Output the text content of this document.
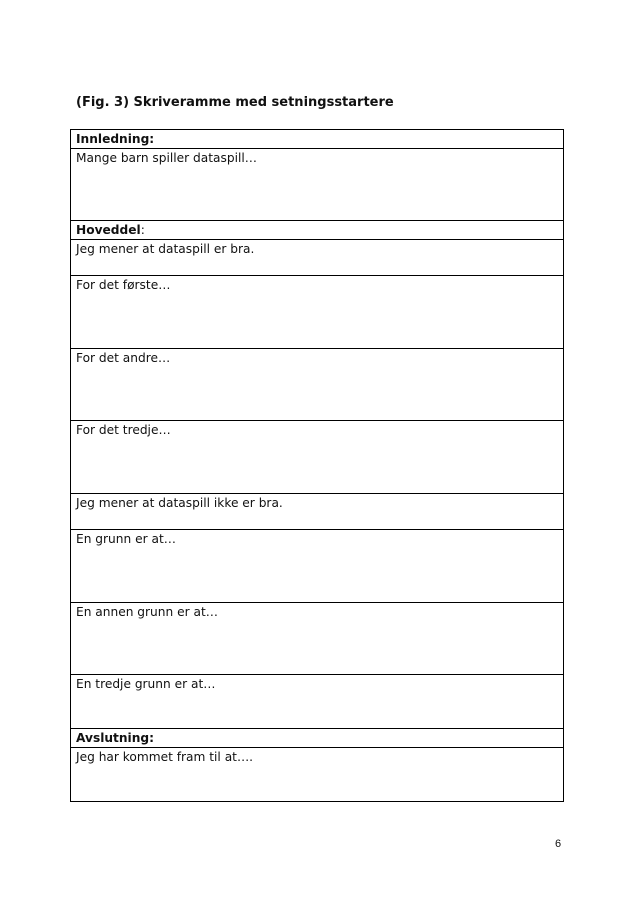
(Fig. 3) Skriveramme med setningsstartere
Innledning:
Mange barn spiller dataspill…
Hoveddel:
Jeg mener at dataspill er bra.
For det første…
For det andre…
For det tredje…
Jeg mener at dataspill ikke er bra.
En grunn er at…
En annen grunn er at…
En tredje grunn er at…
Avslutning:
Jeg har kommet fram til at….
6
